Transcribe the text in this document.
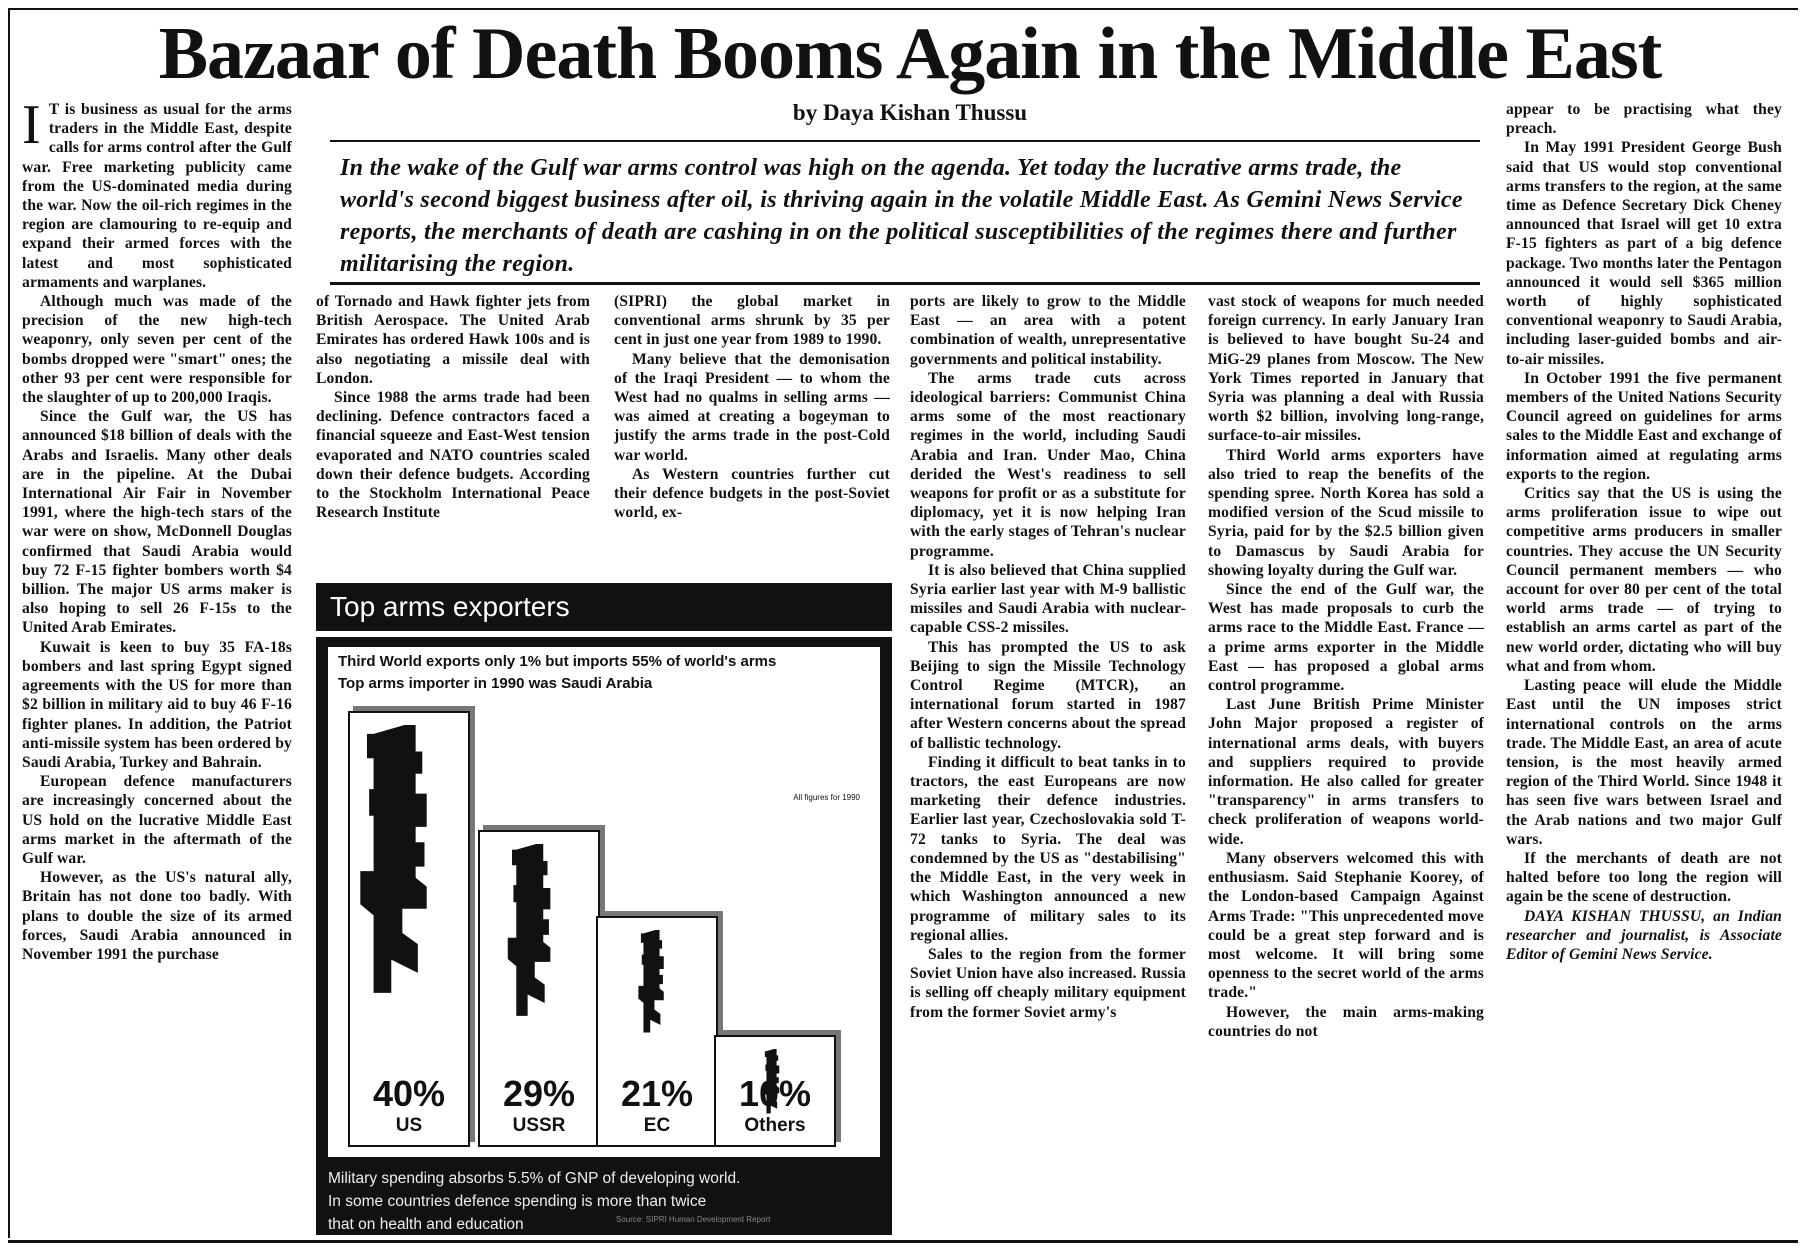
Bazaar of Death Booms Again in the Middle East
by Daya Kishan Thussu

In the wake of the Gulf war arms control was high on the agenda. Yet today the lucrative arms trade, the world's second biggest business after oil, is thriving again in the volatile Middle East. As Gemini News Service reports, the merchants of death are cashing in on the political susceptibilities of the regimes there and further militarising the region.

I T is business as usual for the arms traders in the Middle East, despite calls for arms control after the Gulf war. Free marketing publicity came from the US-dominated media during the war. Now the oil-rich regimes in the region are clamouring to re-equip and expand their armed forces with the latest and most sophisticated armaments and warplanes.

Although much was made of the precision of the new high-tech weaponry, only seven per cent of the bombs dropped were "smart" ones; the other 93 per cent were responsible for the slaughter of up to 200,000 Iraqis.

Since the Gulf war, the US has announced $18 billion of deals with the Arabs and Israelis. Many other deals are in the pipeline. At the Dubai International Air Fair in November 1991, where the high-tech stars of the war were on show, McDonnell Douglas confirmed that Saudi Arabia would buy 72 F-15 fighter bombers worth $4 billion. The major US arms maker is also hoping to sell 26 F-15s to the United Arab Emirates.

Kuwait is keen to buy 35 FA-18s bombers and last spring Egypt signed agreements with the US for more than $2 billion in military aid to buy 46 F-16 fighter planes. In addition, the Patriot anti-missile system has been ordered by Saudi Arabia, Turkey and Bahrain.

European defence manufacturers are increasingly concerned about the US hold on the lucrative Middle East arms market in the aftermath of the Gulf war.

However, as the US's natural ally, Britain has not done too badly. With plans to double the size of its armed forces, Saudi Arabia announced in November 1991 the purchase

of Tornado and Hawk fighter jets from British Aerospace. The United Arab Emirates has ordered Hawk 100s and is also negotiating a missile deal with London.

Since 1988 the arms trade had been declining. Defence contractors faced a financial squeeze and East-West tension evaporated and NATO countries scaled down their defence budgets. According to the Stockholm International Peace Research Institute

(SIPRI) the global market in conventional arms shrunk by 35 per cent in just one year from 1989 to 1990.

Many believe that the demonisation of the Iraqi President — to whom the West had no qualms in selling arms — was aimed at creating a bogeyman to justify the arms trade in the post-Cold war world.

As Western countries further cut their defence budgets in the post-Soviet world, ex-

ports are likely to grow to the Middle East — an area with a potent combination of wealth, unrepresentative governments and political instability.

The arms trade cuts across ideological barriers: Communist China arms some of the most reactionary regimes in the world, including Saudi Arabia and Iran. Under Mao, China derided the West's readiness to sell weapons for profit or as a substitute for diplomacy, yet it is now helping Iran with the early stages of Tehran's nuclear programme.

It is also believed that China supplied Syria earlier last year with M-9 ballistic missiles and Saudi Arabia with nuclear-capable CSS-2 missiles.

This has prompted the US to ask Beijing to sign the Missile Technology Control Regime (MTCR), an international forum started in 1987 after Western concerns about the spread of ballistic technology.

Finding it difficult to beat tanks in to tractors, the east Europeans are now marketing their defence industries. Earlier last year, Czechoslovakia sold T-72 tanks to Syria. The deal was condemned by the US as "destabilising" the Middle East, in the very week in which Washington announced a new programme of military sales to its regional allies.

Sales to the region from the former Soviet Union have also increased. Russia is selling off cheaply military equipment from the former Soviet army's

vast stock of weapons for much needed foreign currency. In early January Iran is believed to have bought Su-24 and MiG-29 planes from Moscow. The New York Times reported in January that Syria was planning a deal with Russia worth $2 billion, involving long-range, surface-to-air missiles.

Third World arms exporters have also tried to reap the benefits of the spending spree. North Korea has sold a modified version of the Scud missile to Syria, paid for by the $2.5 billion given to Damascus by Saudi Arabia for showing loyalty during the Gulf war.

Since the end of the Gulf war, the West has made proposals to curb the arms race to the Middle East. France — a prime arms exporter in the Middle East — has proposed a global arms control programme.

Last June British Prime Minister John Major proposed a register of international arms deals, with buyers and suppliers required to provide information. He also called for greater "transparency" in arms transfers to check proliferation of weapons world-wide.

Many observers welcomed this with enthusiasm. Said Stephanie Koorey, of the London-based Campaign Against Arms Trade: "This unprecedented move could be a great step forward and is most welcome. It will bring some openness to the secret world of the arms trade."

However, the main arms-making countries do not

appear to be practising what they preach.

In May 1991 President George Bush said that US would stop conventional arms transfers to the region, at the same time as Defence Secretary Dick Cheney announced that Israel will get 10 extra F-15 fighters as part of a big defence package. Two months later the Pentagon announced it would sell $365 million worth of highly sophisticated conventional weaponry to Saudi Arabia, including laser-guided bombs and air-to-air missiles.

In October 1991 the five permanent members of the United Nations Security Council agreed on guidelines for arms sales to the Middle East and exchange of information aimed at regulating arms exports to the region.

Critics say that the US is using the arms proliferation issue to wipe out competitive arms producers in smaller countries. They accuse the UN Security Council permanent members — who account for over 80 per cent of the total world arms trade — of trying to establish an arms cartel as part of the new world order, dictating who will buy what and from whom.

Lasting peace will elude the Middle East until the UN imposes strict international controls on the arms trade. The Middle East, an area of acute tension, is the most heavily armed region of the Third World. Since 1948 it has seen five wars between Israel and the Arab nations and two major Gulf wars.

If the merchants of death are not halted before too long the region will again be the scene of destruction.

DAYA KISHAN THUSSU, an Indian researcher and journalist, is Associate Editor of Gemini News Service.

Top arms exporters
Third World exports only 1% but imports 55% of world's arms
Top arms importer in 1990 was Saudi Arabia
All figures for 1990
40%
US
29%
USSR
21%
EC
10%
Others
Military spending absorbs 5.5% of GNP of developing world.
In some countries defence spending is more than twice
that on health and education	Source: SIPRI Human Development Report
